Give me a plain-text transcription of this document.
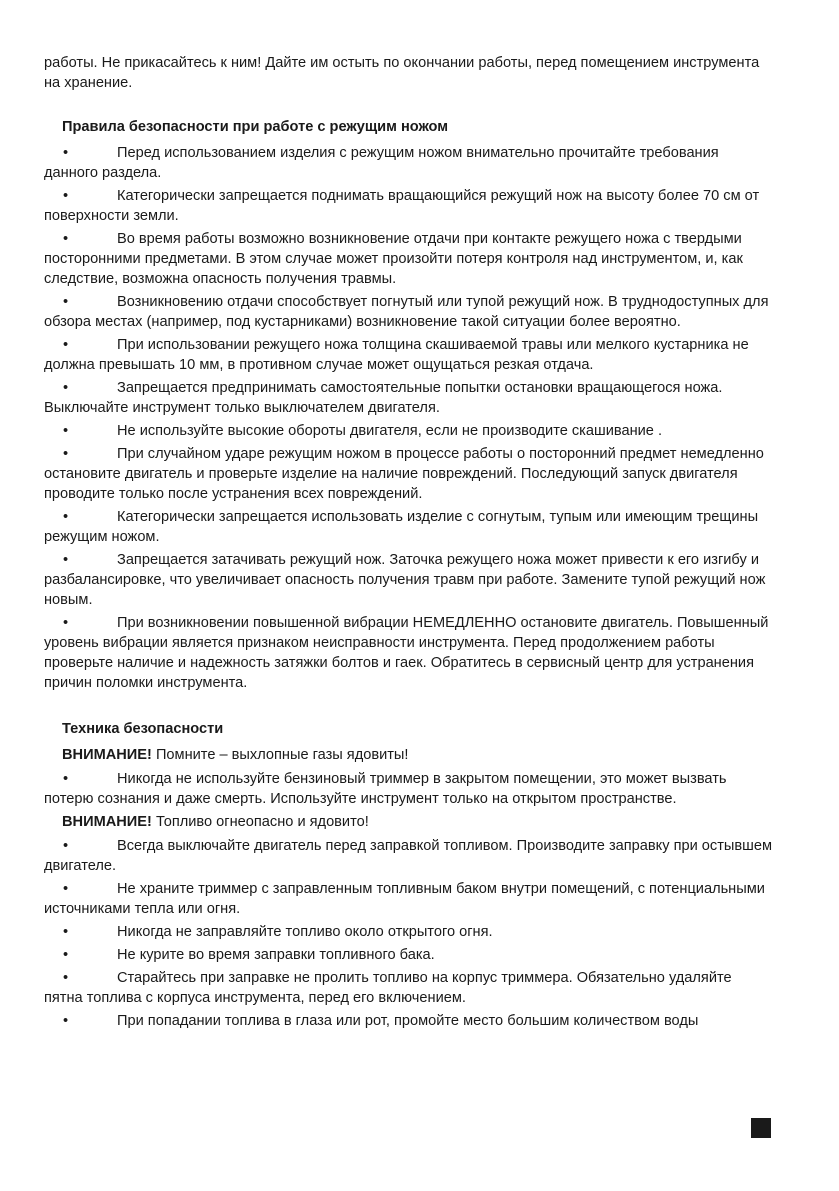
работы. Не прикасайтесь к ним! Дайте им остыть по окончании работы, перед помещением инструмента на хранение.

Правила безопасности при работе с режущим ножом

•	Перед использованием изделия с режущим ножом внимательно прочитайте требования данного раздела.

•	Категорически запрещается поднимать вращающийся режущий нож на высоту более 70 см от поверхности земли.

•	Во время работы возможно возникновение отдачи при контакте режущего ножа с твердыми посторонними предметами. В этом случае может произойти потеря контроля над инструментом, и, как следствие, возможна опасность получения травмы.

•	Возникновению отдачи способствует погнутый или тупой режущий нож. В труднодоступных для обзора местах (например, под кустарниками) возникновение такой ситуации более вероятно.

•	При использовании режущего ножа толщина скашиваемой травы или мелкого кустарника не должна превышать 10 мм, в противном случае может ощущаться резкая отдача.

•	Запрещается предпринимать самостоятельные попытки остановки вращающегося ножа. Выключайте инструмент только выключателем двигателя.

•	Не используйте высокие обороты двигателя, если не производите скашивание .

•	При случайном ударе режущим ножом в процессе работы о посторонний предмет немедленно остановите двигатель и проверьте изделие на наличие повреждений. Последующий запуск двигателя проводите только после устранения всех повреждений.

•	Категорически запрещается использовать изделие с согнутым, тупым или имеющим трещины режущим ножом.

•	Запрещается затачивать режущий нож. Заточка режущего ножа может привести к его изгибу и разбалансировке, что увеличивает опасность получения травм при работе. Замените тупой режущий нож новым.

•	При возникновении повышенной вибрации НЕМЕДЛЕННО остановите двигатель. Повышенный уровень вибрации является признаком неисправности инструмента. Перед продолжением работы проверьте наличие и надежность затяжки болтов и гаек. Обратитесь в сервисный центр для устранения причин поломки инструмента.

Техника безопасности

ВНИМАНИЕ! Помните – выхлопные газы ядовиты!

•	Никогда не используйте бензиновый триммер в закрытом помещении, это может вызвать потерю сознания и даже смерть. Используйте инструмент только на открытом пространстве.

ВНИМАНИЕ! Топливо огнеопасно и ядовито!

•	Всегда выключайте двигатель перед заправкой топливом. Производите заправку при остывшем двигателе.

•	Не храните триммер с заправленным топливным баком внутри помещений, с потенциальными источниками тепла или огня.

•	Никогда не заправляйте топливо около открытого огня.

•	Не курите во время заправки топливного бака.

•	Старайтесь при заправке не пролить топливо на корпус триммера. Обязательно удаляйте пятна топлива с корпуса инструмента, перед его включением.

•	При попадании топлива в глаза или рот, промойте место большим количеством воды
